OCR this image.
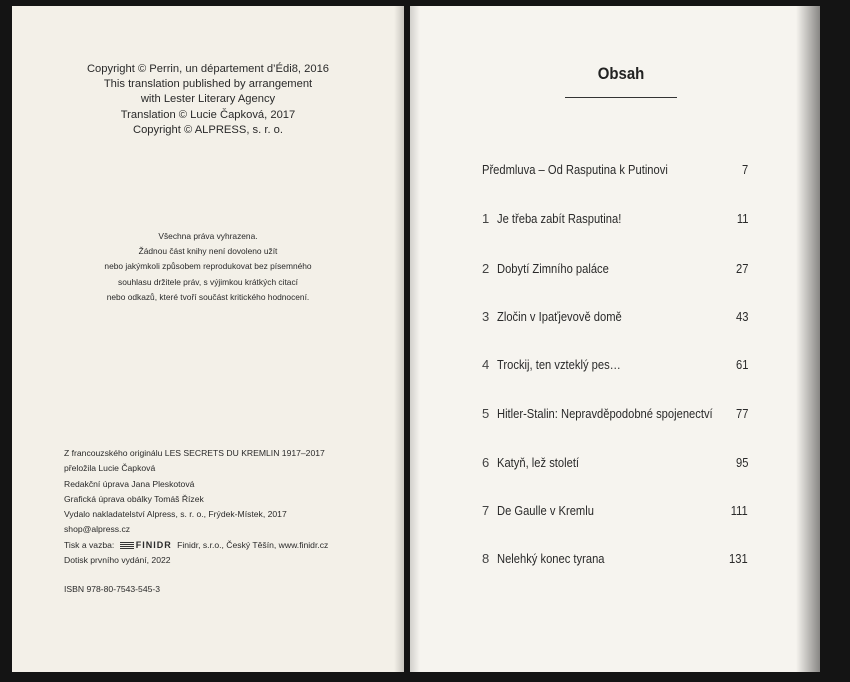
Copyright © Perrin, un département d’Édi8, 2016
This translation published by arrangement
with Lester Literary Agency
Translation © Lucie Čapková, 2017
Copyright © ALPRESS, s. r. o.
Všechna práva vyhrazena.
Žádnou část knihy není dovoleno užít
nebo jakýmkoli způsobem reprodukovat bez písemného
souhlasu držitele práv, s výjimkou krátkých citací
nebo odkazů, které tvoří součást kritického hodnocení.
Z francouzského originálu LES SECRETS DU KREMLIN 1917–2017
přeložila Lucie Čapková
Redakční úprava Jana Pleskotová
Grafická úprava obálky Tomáš Řízek
Vydalo nakladatelství Alpress, s. r. o., Frýdek-Místek, 2017
shop@alpress.cz
Tisk a vazba: FINIDR Finidr, s.r.o., Český Těšín, www.finidr.cz
Dotisk prvního vydání, 2022
ISBN 978-80-7543-545-3
Obsah
Předmluva – Od Rasputina k Putinovi	7
1 Je třeba zabít Rasputina!	11
2 Dobytí Zimního paláce	27
3 Zločin v Ipaťjevově domě	43
4 Trockij, ten vzteklý pes…	61
5 Hitler-Stalin: Nepravděpodobné spojenectví 77
6 Katyň, lež století	95
7 De Gaulle v Kremlu	111
8 Nelehký konec tyrana	131
